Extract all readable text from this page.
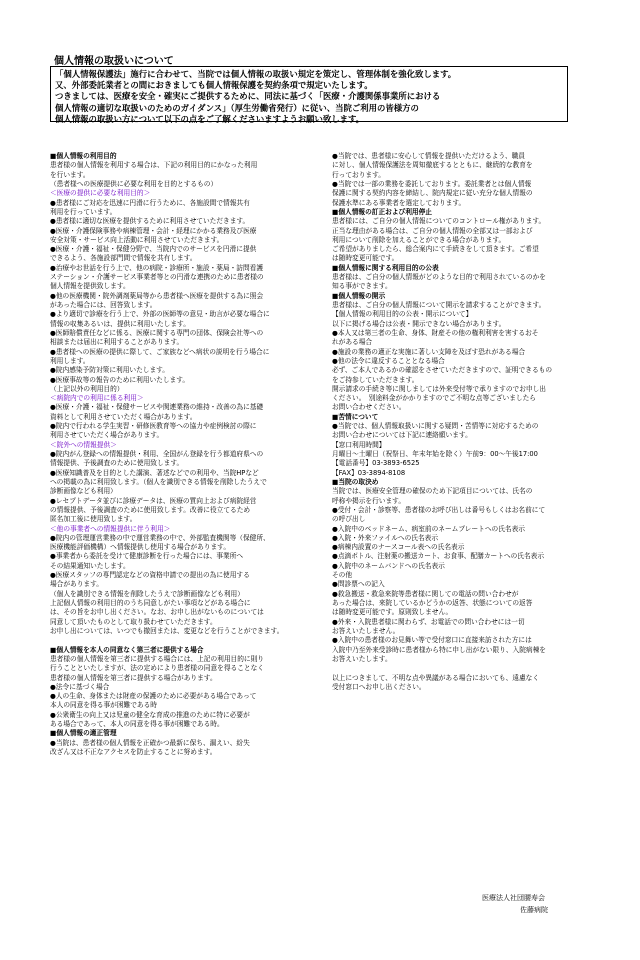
個人情報の取扱いについて
「個人情報保護法」施行に合わせて、当院では個人情報の取扱い規定を策定し、管理体制を強化致します。
又、外部委託業者との間におきましても個人情報保護を契約条項で規定いたします。
つきましては、医療を安全・確実にご提供するために、同法に基づく「医療・介護関係事業所における
個人情報の適切な取扱いのためのガイダンス」（厚生労働省発行）に従い、当院ご利用の皆様方の
個人情報の取扱い方について以下の点をご了解くださいますようお願い致します。
■個人情報の利用目的
患者様の個人情報を利用する場合は、下記の利用目的にかなった利用
を行います。
（患者様への医療提供に必要な利用を目的とするもの）
＜医療の提供に必要な利用目的＞
●患者様にご対応を迅速に円滑に行うために、各施設間で情報共有
利用を行っています。
●患者様に適切な医療を提供するために利用させていただきます。
●医療・介護保険事務や病棟管理・会計・経理にかかる業務及び医療
安全対策・サービス向上活動に利用させていただきます。
●医療・介護・福祉・保健分野で、当院内でのサービスを円滑に提供
できるよう、各施設部門間で情報を共有します。
●治療やお世話を行う上で、他の病院・診療所・施設・薬局・訪問看護
ステーション・介護サービス事業者等との円滑な連携のために患者様の
個人情報を提供致します。
●他の医療機関・院外調剤薬局等から患者様へ医療を提供する為に照会
があった場合には、回答致します。
●より適切で診療を行う上で、外部の医師等の意見・助言が必要な場合に
情報の収集あるいは、提供に利用いたします。
●医師賠償責任などに係る、医療に関する専門の団体、保険会社等への
相談または届出に利用することがあります。
●患者様への医療の提供に際して、ご家族などへ病状の説明を行う場合に
利用します。
●院内感染予防対策に利用いたします。
●医療事故等の報告のために利用いたします。
（上記以外の利用目的）
＜病院内での利用に係る利用＞
●医療・介護・福祉・保健サービスや関連業務の維持・改善の為に基礎
資料として利用させていただく場合があります。
●院内で行われる学生実習・研修医教育等への協力や症例検討の際に
利用させていただく場合があります。
＜院外への情報提供＞
●院内がん登録への情報提供・利用、全国がん登録を行う都道府県への
情報提供、予後調査のために使用致します。
●医療知識普及を目的とした講演、著述などでの利用や、当院HPなど
への掲載の為に利用致します。（個人を識別できる情報を削除したうえで
診断画像なども利用）
●レセプトデータ並びに診療データは、医療の質向上および病院経営
の情報提供、予後調査のために使用致します。改善に役立てるため
匿名加工後に使用致します。
＜他の事業者への情報提供に伴う利用＞
●院内の管理運営業務の中で運営業務の中で、外部監査機関等（保健所、
医療機能評価機構）へ情報提供し使用する場合があります。
●事業者から委託を受けて健康診断を行った場合には、事業所へ
その結果通知いたします。
●医療スタッフの専門認定などの資格申請での提出の為に使用する
場合があります。
（個人を識別できる情報を削除したうえで診断画像なども利用）
上記個人情報の利用目的のうち同意しがたい事項などがある場合に
は、その旨をお申し出ください。なお、お申し出がないものについては
同意して頂いたものとして取り扱わせていただきます。
お申し出については、いつでも撤回または、変更などを行うことができます。
■個人情報を本人の同意なく第三者に提供する場合
患者様の個人情報を第三者に提供する場合には、上記の利用目的に則り
行うことといたしますが、法の定めにより患者様の同意を得ることなく
患者様の個人情報を第三者に提供する場合があります。
●法令に基づく場合
●人の生命、身体または財産の保護のために必要がある場合であって
本人の同意を得る事が困難である時
●公衆衛生の向上又は児童の健全な育成の推進のために特に必要が
ある場合であって、本人の同意を得る事が困難である時。
■個人情報の適正管理
●当院は、患者様の個人情報を正確かつ最新に保ち、漏えい、紛失
改ざん又は不正なアクセスを防止することに努めます。
●当院では、患者様に安心して情報を提供いただけるよう、職員
に対し、個人情報保護法を周知徹底するとともに、継続的な教育を
行っております。
●当院では一部の業務を委託しております。委託業者とは個人情報
保護に関する契約内容を締結し、院内規定に従い充分な個人情報の
保護水準にある事業者を選定しております。
■個人情報の訂正および利用停止
患者様には、ご自分の個人情報についてのコントロール権があります。
正当な理由がある場合は、ご自分の個人情報の全部又は一部および
利用について削除を加えることができる場合があります。
ご希望がありましたら、総合案内にて手続きをして頂きます。ご希望
は随時変更可能です。
■個人情報に関する利用目的の公表
患者様は、ご自分の個人情報がどのような目的で利用されているのかを
知る事ができます。
■個人情報の開示
患者様は、ご自分の個人情報について開示を請求することができます。
【個人情報の利用目的の公表・開示について】
以下に掲げる場合は公表・開示できない場合があります。
●本人又は第三者の生命、身体、財産その他の権利利害を害するおそ
れがある場合
●施設の業務の適正な実施に著しい支障を及ぼす恐れがある場合
●他の法令に違反することとなる場合
必ず、ご本人であるかの確認をさせていただきますので、証明できるもの
をご持参していただきます。
開示請求の手続き等に関しましては外来受付等で承りますのでお申し出
ください。　別途料金がかかりますのでご不明な点等ございましたら
お問い合わせください。
■苦情について
●当院では、個人情報取扱いに関する疑問・苦情等に対応するための
お問い合わせについては下記に連絡願います。
【窓口利用時間】
月曜日～土曜日（祝祭日、年末年始を除く）午前9：00～午後17:00
【電話番号】03-3893-6525
【FAX】03-3894-8108
■当院の取決め
当院では、医療安全管理の確保のため下記項目については、氏名の
呼称や掲示を行います。
●受付・会計・診察等、患者様のお呼び出しは番号もしくはお名前にて
の呼び出し
●入院中のベッドネーム、病室前のネームプレートへの氏名表示
●入院・外来ファイルへの氏名表示
●病棟内設置のナースコール表への氏名表示
●点滴ボトル、注射薬の搬送カート、お食事、配膳カートへの氏名表示
●入院中のネームバンドへの氏名表示
その他
●問診票への記入
●救急搬送・救急来院等患者様に関しての電話の問い合わせが
あった場合は、来院しているかどうかの返答、状態についての返答
は随時変更可能です。原則致しません。
●外来・入院患者様に関わらず、お電話での問い合わせには一切
お答えいたしません。
●入院中の患者様のお見舞い等で受付窓口に直接来訪された方には
入院中乃至外来受診時に患者様から特に申し出がない限り、入院病棟を
お答えいたします。
以上につきまして、不明な点や異議がある場合においても、遠慮なく
受付窓口へお申し出ください。
医療法人社団腰寿会
佐藤病院
